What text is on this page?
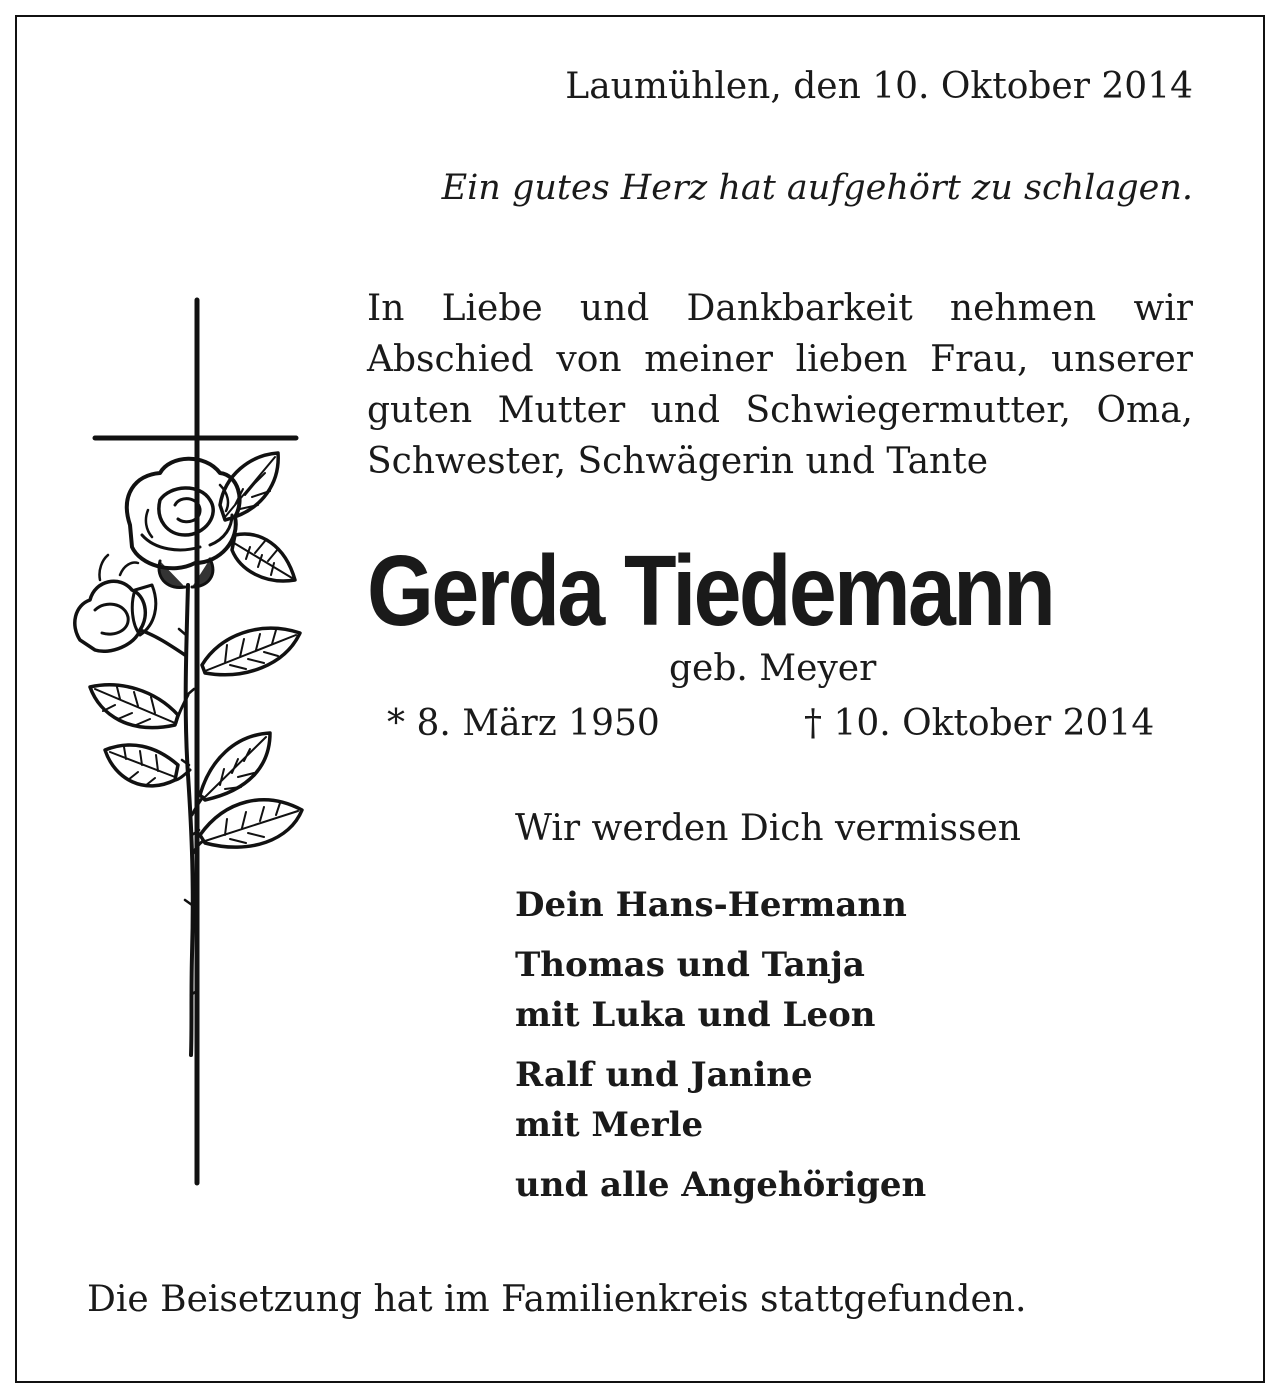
Laumühlen, den 10. Oktober 2014

Ein gutes Herz hat aufgehört zu schlagen.

In Liebe und Dankbarkeit nehmen wir
Abschied von meiner lieben Frau, unserer
guten Mutter und Schwiegermutter, Oma,
Schwester, Schwägerin und Tante
Gerda Tiedemann

geb. Meyer

* 8. März 1950	† 10. Oktober 2014

Wir werden Dich vermissen

Dein Hans-Hermann
Thomas und Tanja
mit Luka und Leon
Ralf und Janine
mit Merle
und alle Angehörigen

Die Beisetzung hat im Familienkreis stattgefunden.
